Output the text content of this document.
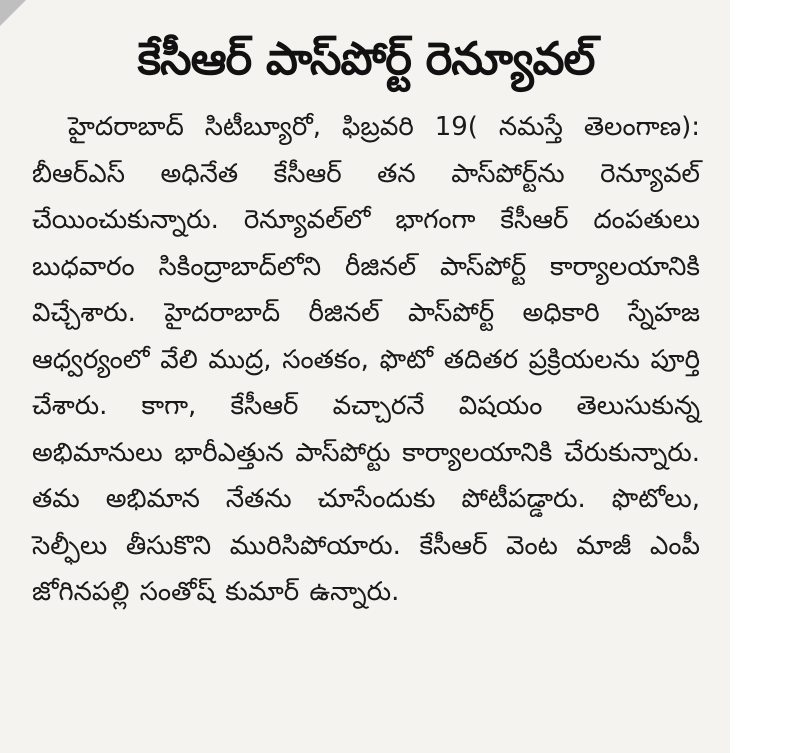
కేసీఆర్ పాస్‌పోర్ట్ రెన్యూవల్

హైదరాబాద్ సిటీబ్యూరో, ఫిబ్రవరి 19( నమస్తే తెలంగాణ): బీఆర్‌ఎస్ అధినేత కేసీఆర్ తన పాస్‌పోర్ట్‌ను రెన్యూవల్ చేయించుకున్నారు. రెన్యూవల్‌లో భాగంగా కేసీఆర్ దంపతులు బుధవారం సికింద్రాబాద్‌లోని రీజినల్ పాస్‌పోర్ట్ కార్యాలయానికి విచ్చేశారు. హైదరాబాద్ రీజినల్ పాస్‌పోర్ట్ అధికారి స్నేహజ ఆధ్వర్యంలో వేలి ముద్ర, సంతకం, ఫొటో తదితర ప్రక్రియలను పూర్తి చేశారు. కాగా, కేసీఆర్ వచ్చారనే విషయం తెలుసుకున్న అభిమానులు భారీఎత్తున పాస్‌పోర్టు కార్యాలయానికి చేరుకున్నారు. తమ అభిమాన నేతను చూసేందుకు పోటీపడ్డారు. ఫొటోలు, సెల్ఫీలు తీసుకొని మురిసిపోయారు. కేసీఆర్ వెంట మాజీ ఎంపీ జోగినపల్లి సంతోష్ కుమార్ ఉన్నారు.
